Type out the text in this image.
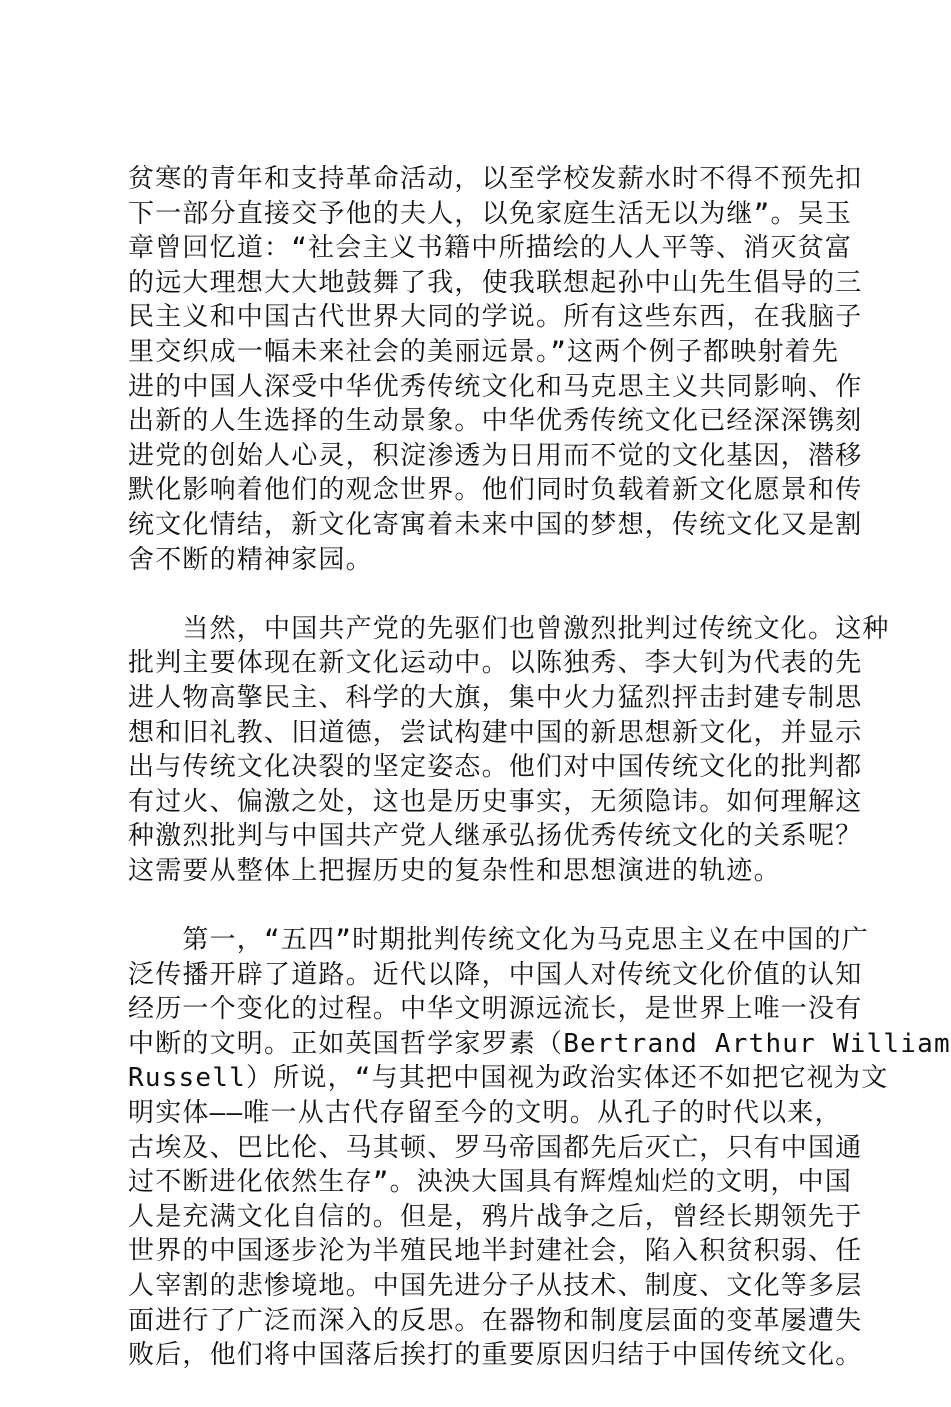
贫寒的青年和支持革命活动，以至学校发薪水时不得不预先扣
下一部分直接交予他的夫人，以免家庭生活无以为继”。吴玉
章曾回忆道：“社会主义书籍中所描绘的人人平等、消灭贫富
的远大理想大大地鼓舞了我，使我联想起孙中山先生倡导的三
民主义和中国古代世界大同的学说。所有这些东西，在我脑子
里交织成一幅未来社会的美丽远景。”这两个例子都映射着先
进的中国人深受中华优秀传统文化和马克思主义共同影响、作
出新的人生选择的生动景象。中华优秀传统文化已经深深镌刻
进党的创始人心灵，积淀渗透为日用而不觉的文化基因，潜移
默化影响着他们的观念世界。他们同时负载着新文化愿景和传
统文化情结，新文化寄寓着未来中国的梦想，传统文化又是割
舍不断的精神家园。
　　当然，中国共产党的先驱们也曾激烈批判过传统文化。这种
批判主要体现在新文化运动中。以陈独秀、李大钊为代表的先
进人物高擎民主、科学的大旗，集中火力猛烈抨击封建专制思
想和旧礼教、旧道德，尝试构建中国的新思想新文化，并显示
出与传统文化决裂的坚定姿态。他们对中国传统文化的批判都
有过火、偏激之处，这也是历史事实，无须隐讳。如何理解这
种激烈批判与中国共产党人继承弘扬优秀传统文化的关系呢？
这需要从整体上把握历史的复杂性和思想演进的轨迹。
　　第一，“五四”时期批判传统文化为马克思主义在中国的广
泛传播开辟了道路。近代以降，中国人对传统文化价值的认知
经历一个变化的过程。中华文明源远流长，是世界上唯一没有
中断的文明。正如英国哲学家罗素（Bertrand Arthur William
Russell）所说，“与其把中国视为政治实体还不如把它视为文
明实体——唯一从古代存留至今的文明。从孔子的时代以来，
古埃及、巴比伦、马其顿、罗马帝国都先后灭亡，只有中国通
过不断进化依然生存”。泱泱大国具有辉煌灿烂的文明，中国
人是充满文化自信的。但是，鸦片战争之后，曾经长期领先于
世界的中国逐步沦为半殖民地半封建社会，陷入积贫积弱、任
人宰割的悲惨境地。中国先进分子从技术、制度、文化等多层
面进行了广泛而深入的反思。在器物和制度层面的变革屡遭失
败后，他们将中国落后挨打的重要原因归结于中国传统文化。
